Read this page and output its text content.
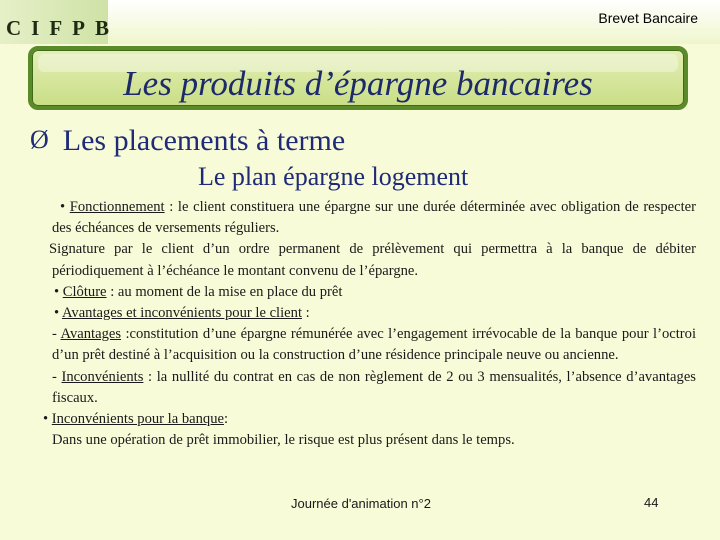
CIFPB	Brevet Bancaire
Les produits d’épargne bancaires
Ø Les placements à terme
Le plan épargne logement

• Fonctionnement : le client constituera une épargne sur une durée déterminée avec obligation de respecter des échéances de versements réguliers.

Signature par le client d’un ordre permanent de prélèvement qui permettra à la banque de débiter périodiquement à l’échéance le montant convenu de l’épargne.

• Clôture : au moment de la mise en place du prêt

• Avantages et inconvénients pour le client :

- Avantages :constitution d’une épargne rémunérée avec l’engagement irrévocable de la banque pour l’octroi d’un prêt destiné à l’acquisition ou la construction d’une résidence principale neuve ou ancienne.

- Inconvénients : la nullité du contrat en cas de non règlement de 2 ou 3 mensualités, l’absence d’avantages fiscaux.

• Inconvénients pour la banque:

Dans une opération de prêt immobilier, le risque est plus présent dans le temps.

Journée d'animation n°2	44
